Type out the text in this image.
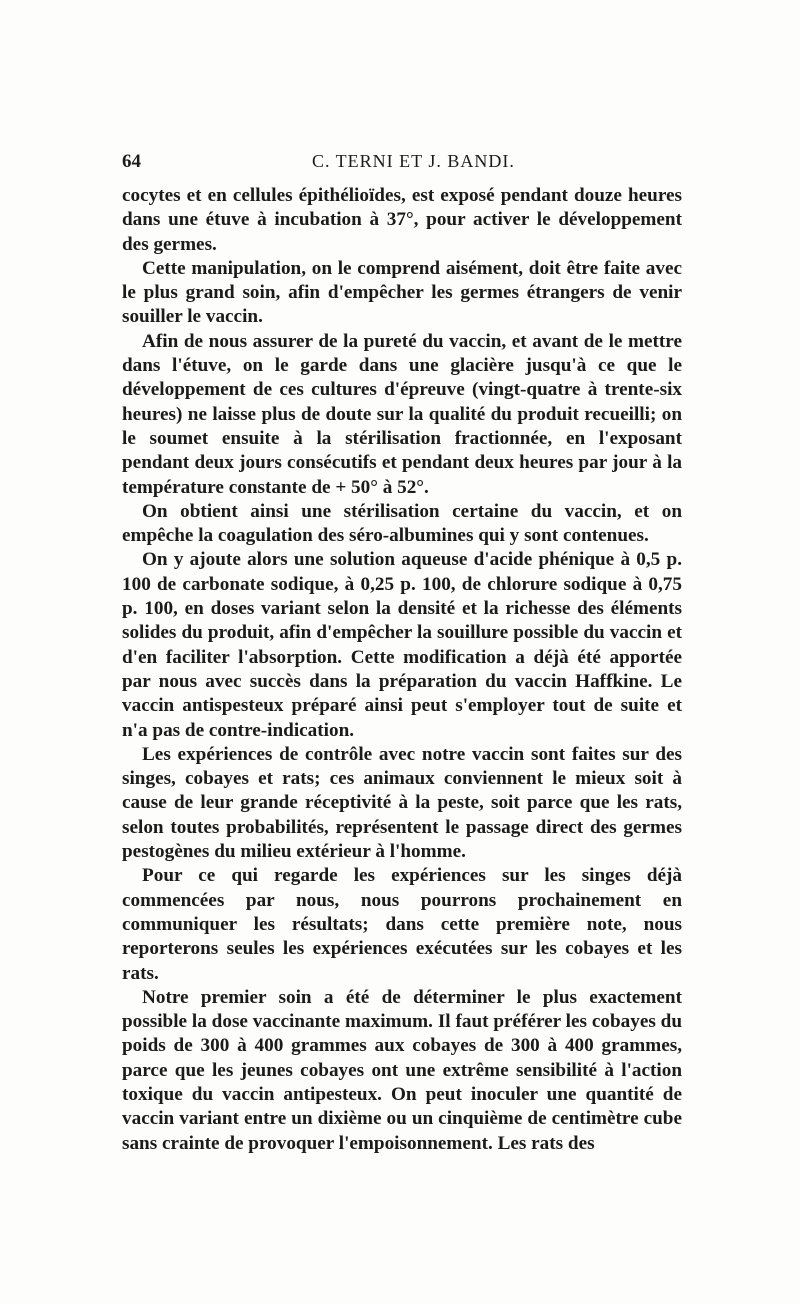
64	C. TERNI ET J. BANDI.

cocytes et en cellules épithélioïdes, est exposé pendant douze heures dans une étuve à incubation à 37°, pour activer le développement des germes.

Cette manipulation, on le comprend aisément, doit être faite avec le plus grand soin, afin d'empêcher les germes étrangers de venir souiller le vaccin.

Afin de nous assurer de la pureté du vaccin, et avant de le mettre dans l'étuve, on le garde dans une glacière jusqu'à ce que le développement de ces cultures d'épreuve (vingt-quatre à trente-six heures) ne laisse plus de doute sur la qualité du produit recueilli; on le soumet ensuite à la stérilisation fractionnée, en l'exposant pendant deux jours consécutifs et pendant deux heures par jour à la température constante de + 50° à 52°.

On obtient ainsi une stérilisation certaine du vaccin, et on empêche la coagulation des séro-albumines qui y sont contenues.

On y ajoute alors une solution aqueuse d'acide phénique à 0,5 p. 100 de carbonate sodique, à 0,25 p. 100, de chlorure sodique à 0,75 p. 100, en doses variant selon la densité et la richesse des éléments solides du produit, afin d'empêcher la souillure possible du vaccin et d'en faciliter l'absorption. Cette modification a déjà été apportée par nous avec succès dans la préparation du vaccin Haffkine. Le vaccin antispesteux préparé ainsi peut s'employer tout de suite et n'a pas de contre-indication.

Les expériences de contrôle avec notre vaccin sont faites sur des singes, cobayes et rats; ces animaux conviennent le mieux soit à cause de leur grande réceptivité à la peste, soit parce que les rats, selon toutes probabilités, représentent le passage direct des germes pestogènes du milieu extérieur à l'homme.

Pour ce qui regarde les expériences sur les singes déjà commencées par nous, nous pourrons prochainement en communiquer les résultats; dans cette première note, nous reporterons seules les expériences exécutées sur les cobayes et les rats.

Notre premier soin a été de déterminer le plus exactement possible la dose vaccinante maximum. Il faut préférer les cobayes du poids de 300 à 400 grammes aux cobayes de 300 à 400 grammes, parce que les jeunes cobayes ont une extrême sensibilité à l'action toxique du vaccin antipesteux. On peut inoculer une quantité de vaccin variant entre un dixième ou un cinquième de centimètre cube sans crainte de provoquer l'empoisonnement. Les rats des
